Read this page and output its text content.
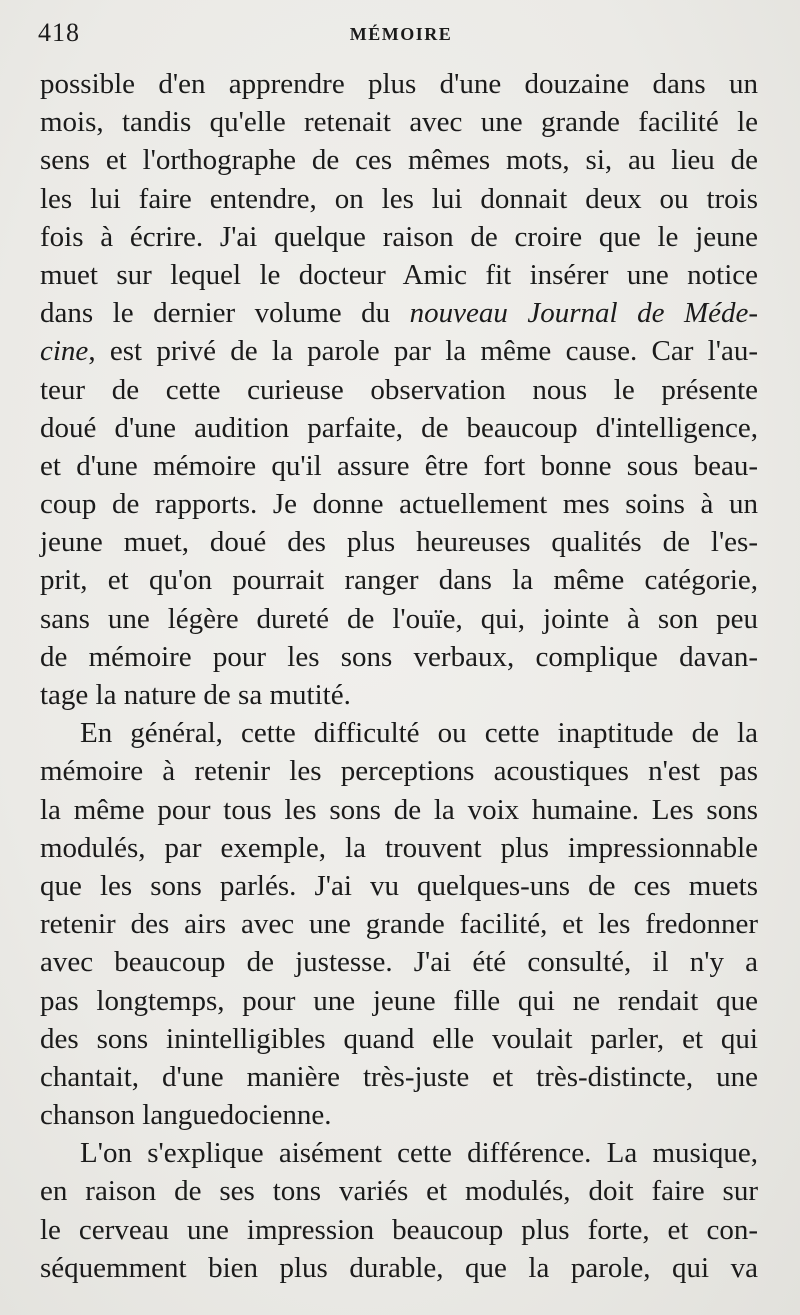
418	MÉMOIRE
possible d'en apprendre plus d'une douzaine dans un
mois, tandis qu'elle retenait avec une grande facilité le
sens et l'orthographe de ces mêmes mots, si, au lieu de
les lui faire entendre, on les lui donnait deux ou trois
fois à écrire. J'ai quelque raison de croire que le jeune
muet sur lequel le docteur Amic fit insérer une notice
dans le dernier volume du nouveau Journal de Méde-
cine, est privé de la parole par la même cause. Car l'au-
teur de cette curieuse observation nous le présente
doué d'une audition parfaite, de beaucoup d'intelligence,
et d'une mémoire qu'il assure être fort bonne sous beau-
coup de rapports. Je donne actuellement mes soins à un
jeune muet, doué des plus heureuses qualités de l'es-
prit, et qu'on pourrait ranger dans la même catégorie,
sans une légère dureté de l'ouïe, qui, jointe à son peu
de mémoire pour les sons verbaux, complique davan-
tage la nature de sa mutité.
En général, cette difficulté ou cette inaptitude de la
mémoire à retenir les perceptions acoustiques n'est pas
la même pour tous les sons de la voix humaine. Les sons
modulés, par exemple, la trouvent plus impressionnable
que les sons parlés. J'ai vu quelques-uns de ces muets
retenir des airs avec une grande facilité, et les fredonner
avec beaucoup de justesse. J'ai été consulté, il n'y a
pas longtemps, pour une jeune fille qui ne rendait que
des sons inintelligibles quand elle voulait parler, et qui
chantait, d'une manière très-juste et très-distincte, une
chanson languedocienne.
L'on s'explique aisément cette différence. La musique,
en raison de ses tons variés et modulés, doit faire sur
le cerveau une impression beaucoup plus forte, et con-
séquemment bien plus durable, que la parole, qui va
